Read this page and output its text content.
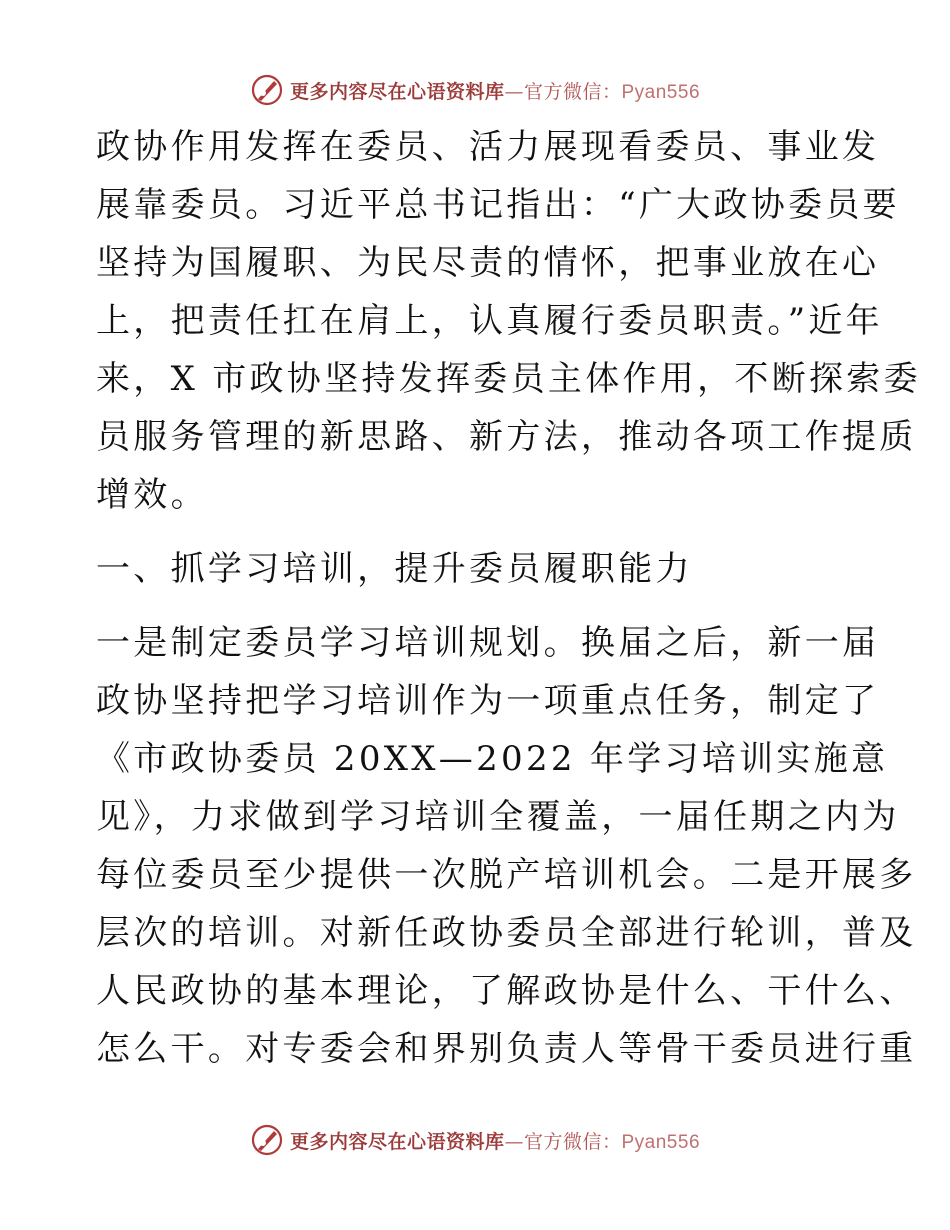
更多内容尽在心语资料库—官方微信：Pyan556
政协作用发挥在委员、活力展现看委员、事业发
展靠委员。习近平总书记指出：“广大政协委员要
坚持为国履职、为民尽责的情怀，把事业放在心
上，把责任扛在肩上，认真履行委员职责。”近年
来，X 市政协坚持发挥委员主体作用，不断探索委
员服务管理的新思路、新方法，推动各项工作提质
增效。
一、抓学习培训，提升委员履职能力
一是制定委员学习培训规划。换届之后，新一届
政协坚持把学习培训作为一项重点任务，制定了
《市政协委员 20XX—2022 年学习培训实施意
见》，力求做到学习培训全覆盖，一届任期之内为
每位委员至少提供一次脱产培训机会。二是开展多
层次的培训。对新任政协委员全部进行轮训，普及
人民政协的基本理论，了解政协是什么、干什么、
怎么干。对专委会和界别负责人等骨干委员进行重
更多内容尽在心语资料库—官方微信：Pyan556
